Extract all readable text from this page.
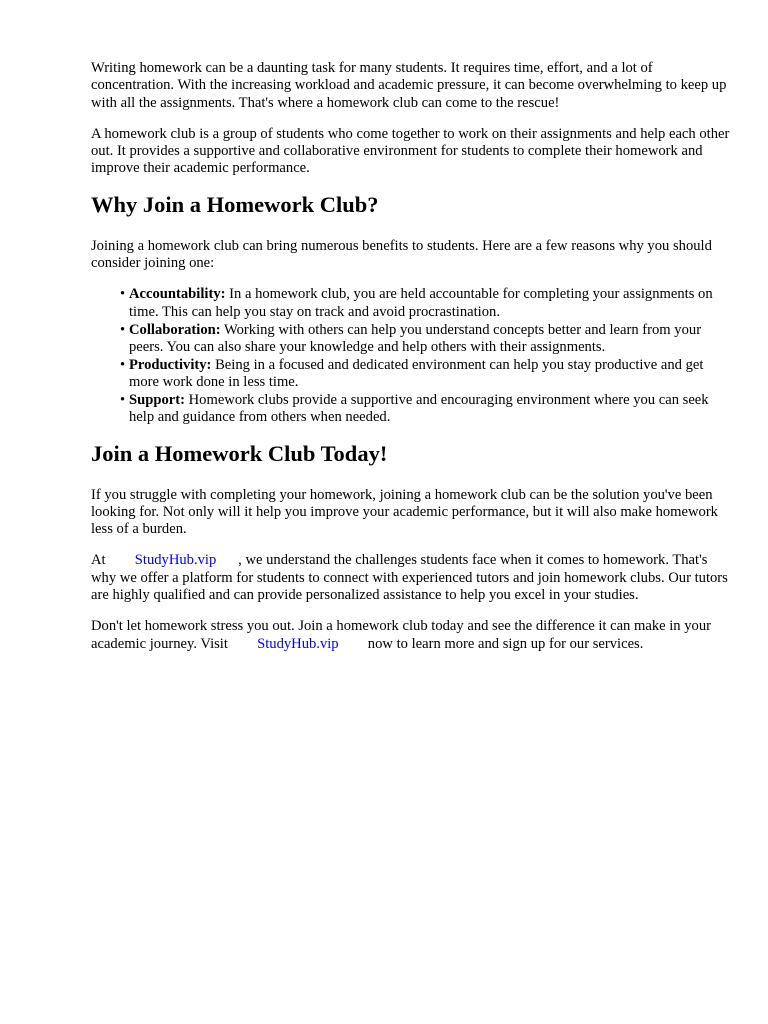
Writing homework can be a daunting task for many students. It requires time, effort, and a lot of concentration. With the increasing workload and academic pressure, it can become overwhelming to keep up with all the assignments. That's where a homework club can come to the rescue!

A homework club is a group of students who come together to work on their assignments and help each other out. It provides a supportive and collaborative environment for students to complete their homework and improve their academic performance.

Why Join a Homework Club?

Joining a homework club can bring numerous benefits to students. Here are a few reasons why you should consider joining one:

• Accountability: In a homework club, you are held accountable for completing your assignments on time. This can help you stay on track and avoid procrastination.
• Collaboration: Working with others can help you understand concepts better and learn from your peers. You can also share your knowledge and help others with their assignments.
• Productivity: Being in a focused and dedicated environment can help you stay productive and get more work done in less time.
• Support: Homework clubs provide a supportive and encouraging environment where you can seek help and guidance from others when needed.
Join a Homework Club Today!

If you struggle with completing your homework, joining a homework club can be the solution you've been looking for. Not only will it help you improve your academic performance, but it will also make homework less of a burden.

At StudyHub.vip , we understand the challenges students face when it comes to homework. That's why we offer a platform for students to connect with experienced tutors and join homework clubs. Our tutors are highly qualified and can provide personalized assistance to help you excel in your studies.

Don't let homework stress you out. Join a homework club today and see the difference it can make in your academic journey. Visit StudyHub.vip now to learn more and sign up for our services.
